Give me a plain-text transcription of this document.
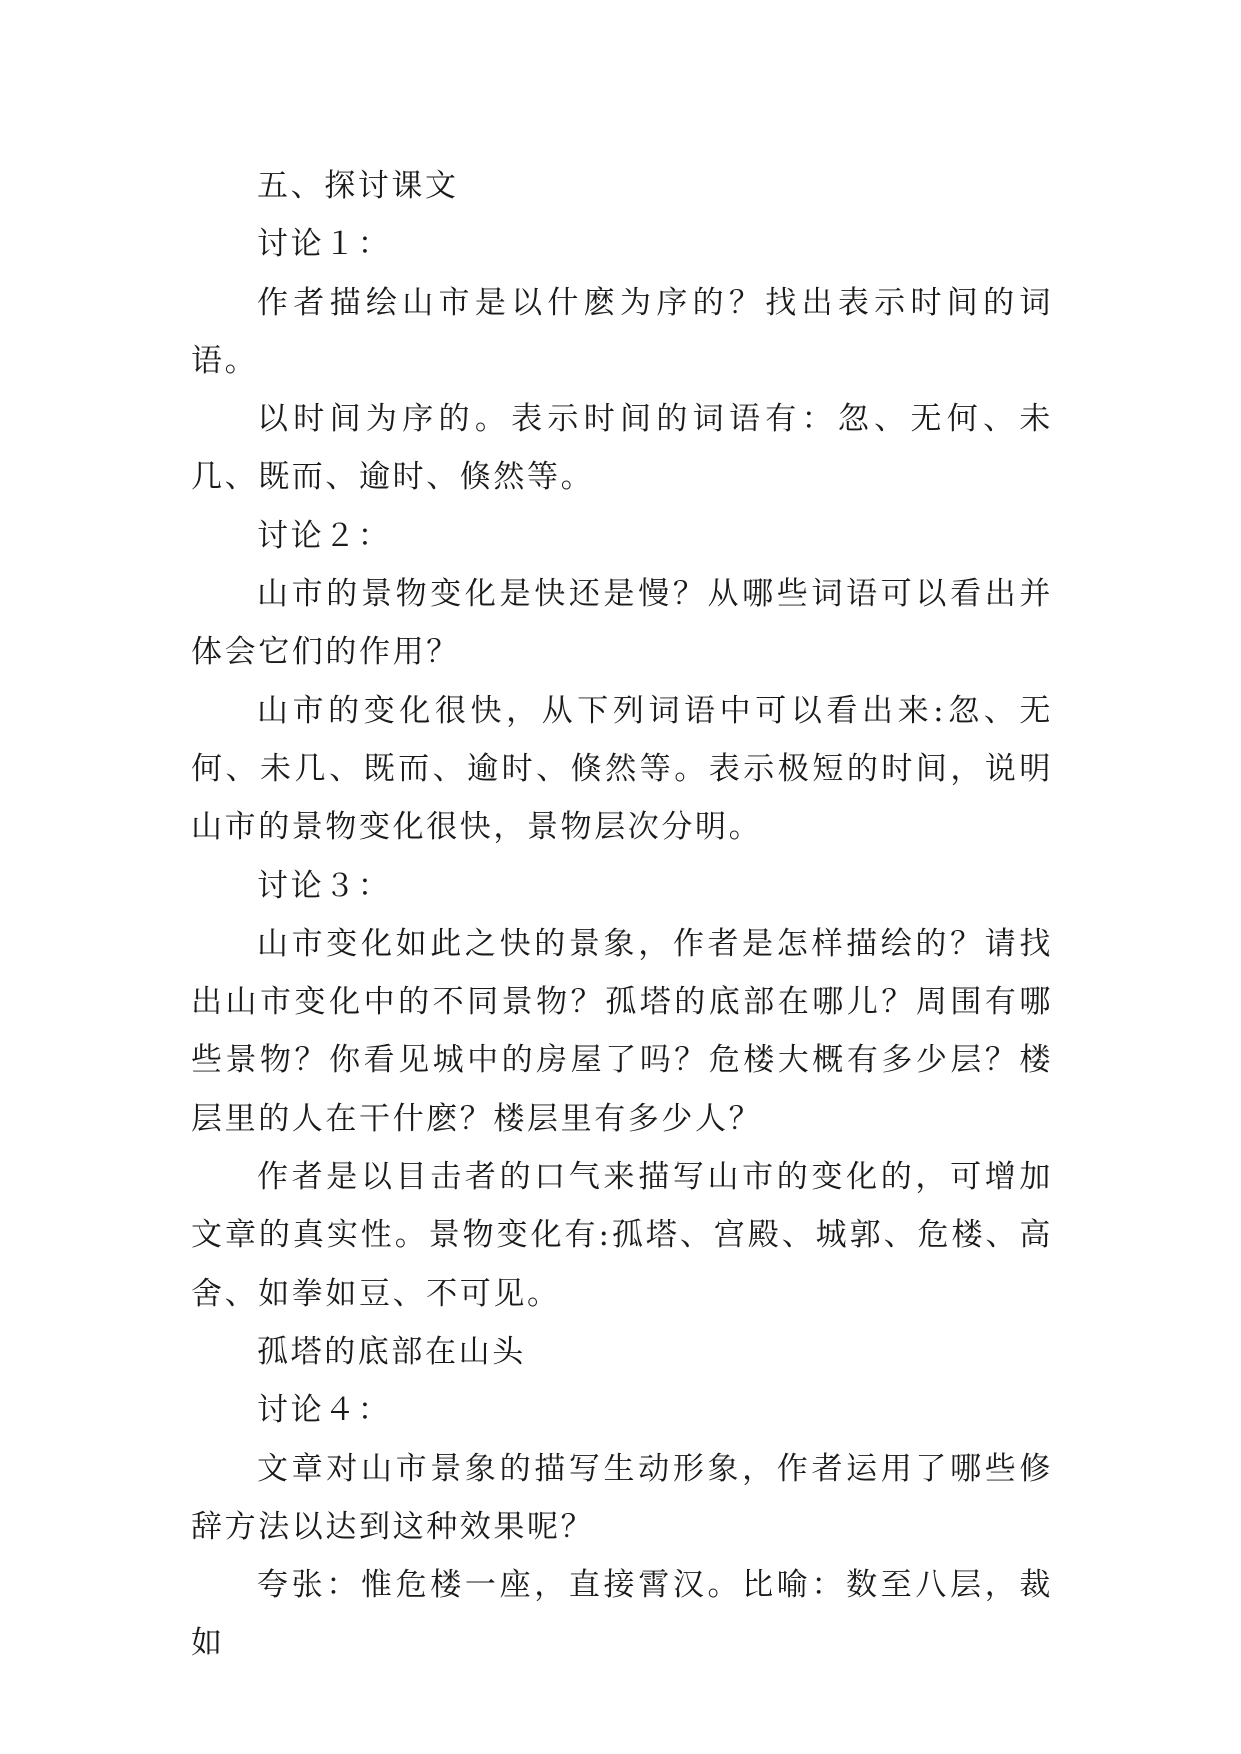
五、探讨课文

讨论１：

作者描绘山市是以什麽为序的？找出表示时间的词语。

以时间为序的。表示时间的词语有：忽、无何、未几、既而、逾时、倏然等。

讨论２：

山市的景物变化是快还是慢？从哪些词语可以看出并体会它们的作用？

山市的变化很快，从下列词语中可以看出来:忽、无何、未几、既而、逾时、倏然等。表示极短的时间，说明山市的景物变化很快，景物层次分明。

讨论３：

山市变化如此之快的景象，作者是怎样描绘的？请找出山市变化中的不同景物？孤塔的底部在哪儿？周围有哪些景物？你看见城中的房屋了吗？危楼大概有多少层？楼层里的人在干什麽？楼层里有多少人？

作者是以目击者的口气来描写山市的变化的，可增加文章的真实性。景物变化有:孤塔、宫殿、城郭、危楼、高舍、如拳如豆、不可见。

孤塔的底部在山头

讨论４：

文章对山市景象的描写生动形象，作者运用了哪些修辞方法以达到这种效果呢？

夸张：惟危楼一座，直接霄汉。比喻：数至八层，裁如
